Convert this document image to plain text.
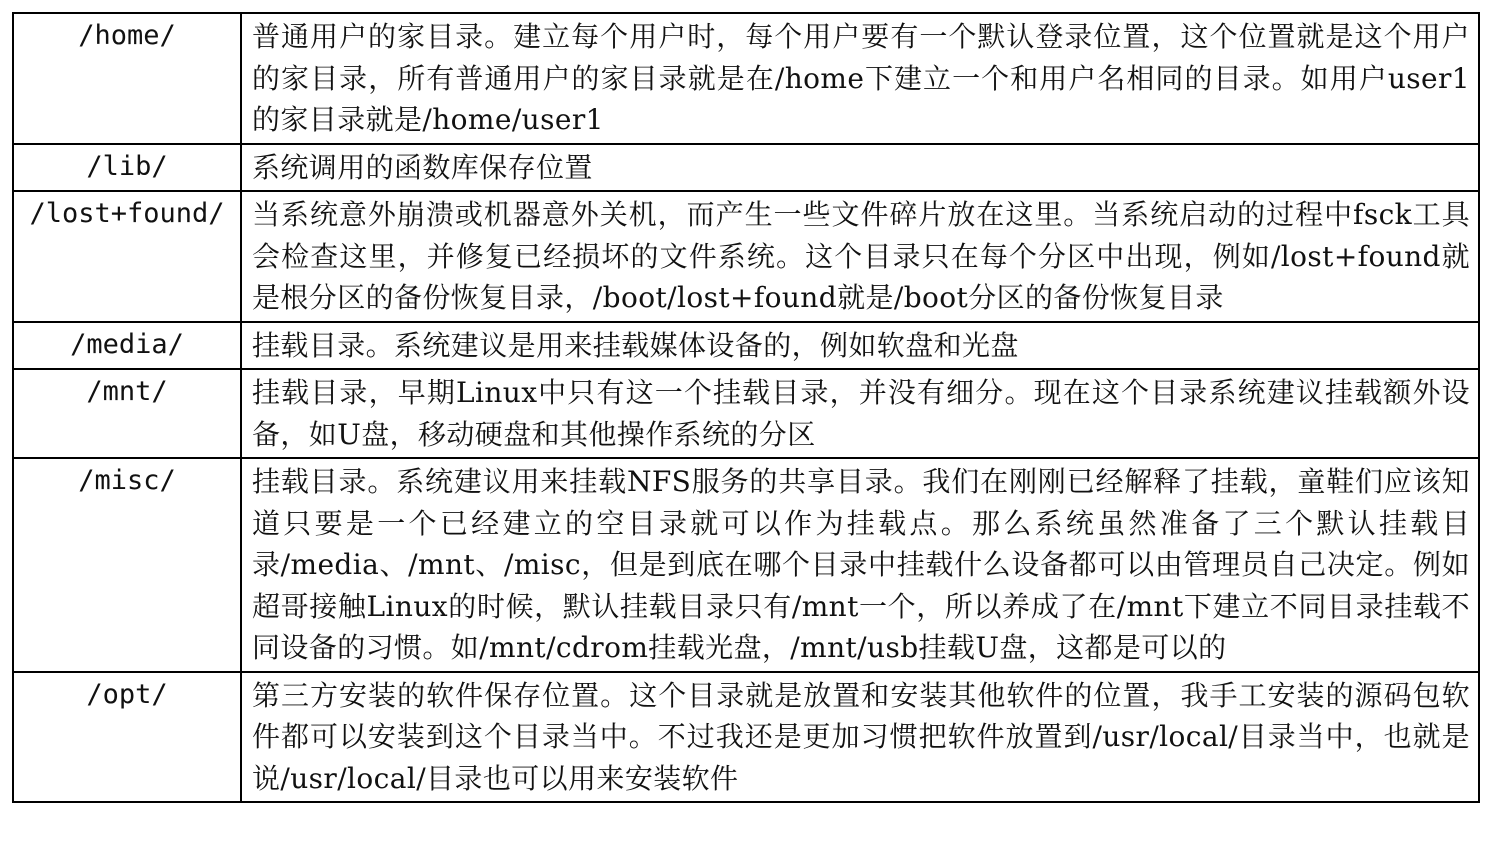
/home/	普通用户的家目录。建立每个用户时，每个用户要有一个默认登录位置，这个位置就是这个用户的家目录，所有普通用户的家目录就是在/home下建立一个和用户名相同的目录。如用户user1的家目录就是/home/user1
/lib/	系统调用的函数库保存位置
/lost+found/	当系统意外崩溃或机器意外关机，而产生一些文件碎片放在这里。当系统启动的过程中fsck工具会检查这里，并修复已经损坏的文件系统。这个目录只在每个分区中出现，例如/lost+found就是根分区的备份恢复目录，/boot/lost+found就是/boot分区的备份恢复目录
/media/	挂载目录。系统建议是用来挂载媒体设备的，例如软盘和光盘
/mnt/	挂载目录，早期Linux中只有这一个挂载目录，并没有细分。现在这个目录系统建议挂载额外设备，如U盘，移动硬盘和其他操作系统的分区
/misc/	挂载目录。系统建议用来挂载NFS服务的共享目录。我们在刚刚已经解释了挂载，童鞋们应该知道只要是一个已经建立的空目录就可以作为挂载点。那么系统虽然准备了三个默认挂载目录/media、/mnt、/misc，但是到底在哪个目录中挂载什么设备都可以由管理员自己决定。例如超哥接触Linux的时候，默认挂载目录只有/mnt一个，所以养成了在/mnt下建立不同目录挂载不同设备的习惯。如/mnt/cdrom挂载光盘，/mnt/usb挂载U盘，这都是可以的
/opt/	第三方安装的软件保存位置。这个目录就是放置和安装其他软件的位置，我手工安装的源码包软件都可以安装到这个目录当中。不过我还是更加习惯把软件放置到/usr/local/目录当中，也就是说/usr/local/目录也可以用来安装软件
